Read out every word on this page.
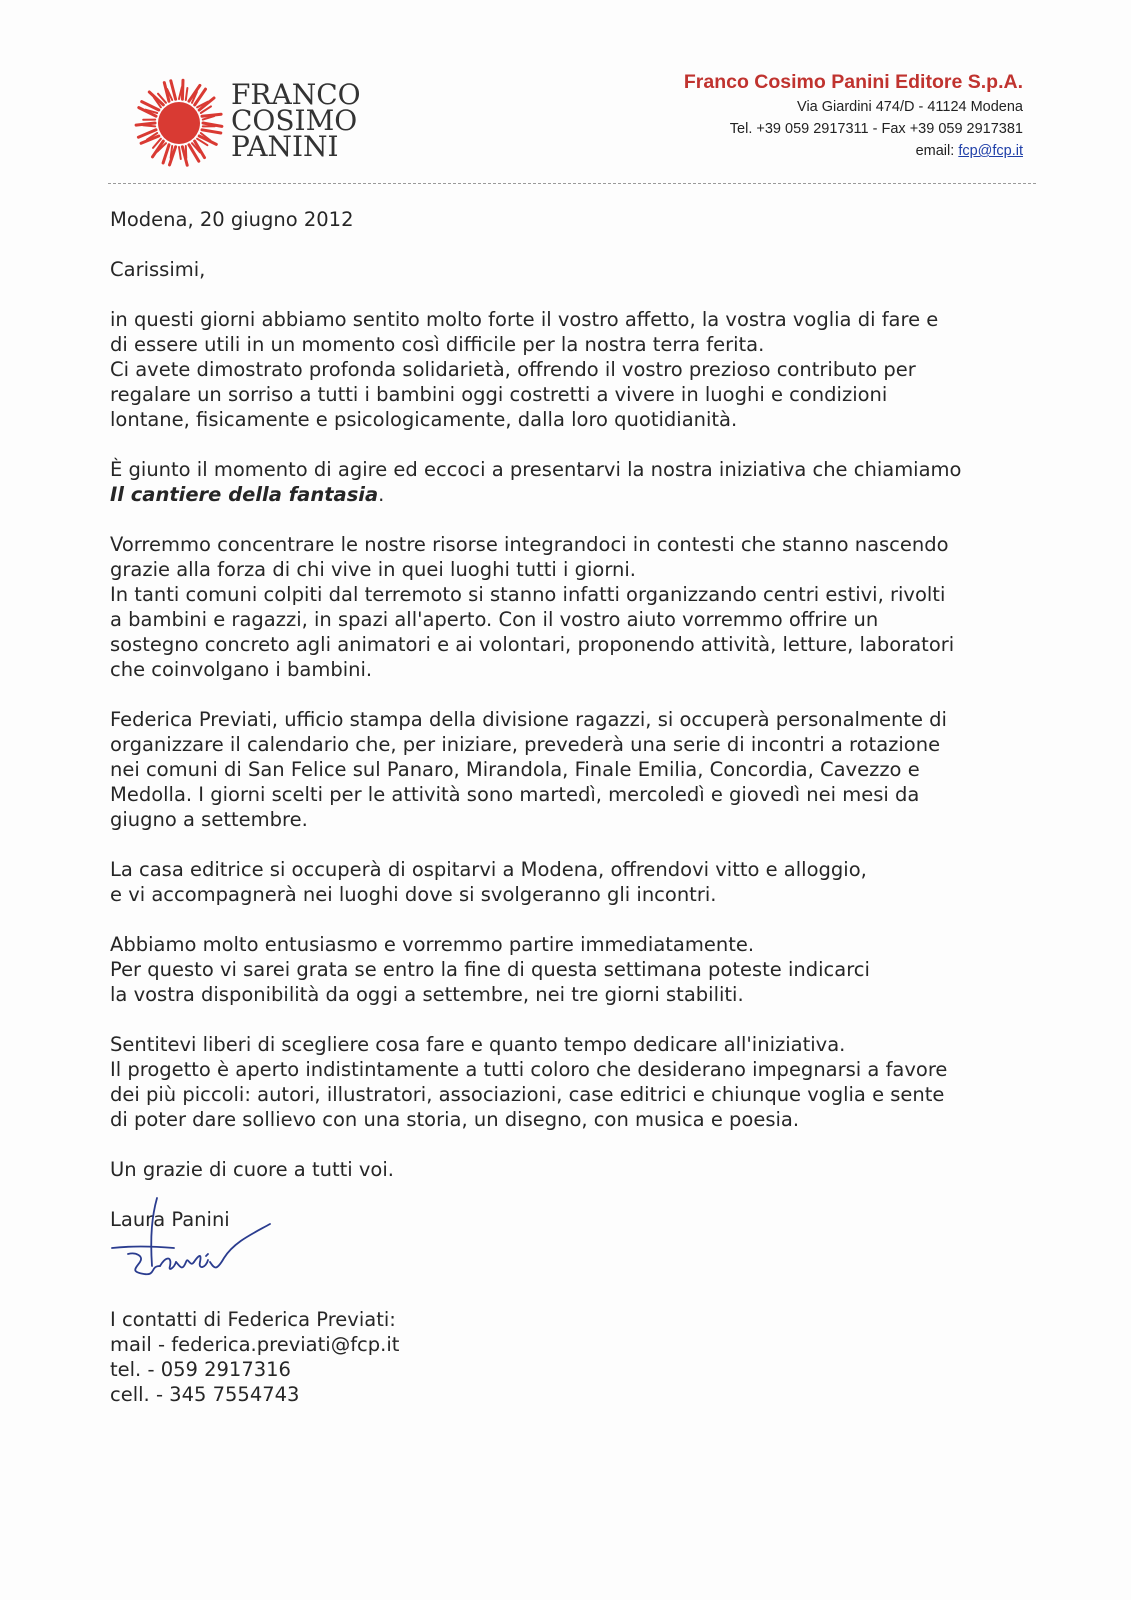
FRANCO
COSIMO
PANINI
Franco Cosimo Panini Editore S.p.A.
Via Giardini 474/D - 41124 Modena
Tel. +39 059 2917311 - Fax +39 059 2917381
email: fcp@fcp.it

Modena, 20 giugno 2012

Carissimi,

in questi giorni abbiamo sentito molto forte il vostro affetto, la vostra voglia di fare e

di essere utili in un momento così difficile per la nostra terra ferita.

Ci avete dimostrato profonda solidarietà, offrendo il vostro prezioso contributo per

regalare un sorriso a tutti i bambini oggi costretti a vivere in luoghi e condizioni

lontane, fisicamente e psicologicamente, dalla loro quotidianità.

È giunto il momento di agire ed eccoci a presentarvi la nostra iniziativa che chiamiamo

Il cantiere della fantasia.

Vorremmo concentrare le nostre risorse integrandoci in contesti che stanno nascendo

grazie alla forza di chi vive in quei luoghi tutti i giorni.

In tanti comuni colpiti dal terremoto si stanno infatti organizzando centri estivi, rivolti

a bambini e ragazzi, in spazi all'aperto. Con il vostro aiuto vorremmo offrire un

sostegno concreto agli animatori e ai volontari, proponendo attività, letture, laboratori

che coinvolgano i bambini.

Federica Previati, ufficio stampa della divisione ragazzi, si occuperà personalmente di

organizzare il calendario che, per iniziare, prevederà una serie di incontri a rotazione

nei comuni di San Felice sul Panaro, Mirandola, Finale Emilia, Concordia, Cavezzo e

Medolla. I giorni scelti per le attività sono martedì, mercoledì e giovedì nei mesi da

giugno a settembre.

La casa editrice si occuperà di ospitarvi a Modena, offrendovi vitto e alloggio,

e vi accompagnerà nei luoghi dove si svolgeranno gli incontri.

Abbiamo molto entusiasmo e vorremmo partire immediatamente.

Per questo vi sarei grata se entro la fine di questa settimana poteste indicarci

la vostra disponibilità da oggi a settembre, nei tre giorni stabiliti.

Sentitevi liberi di scegliere cosa fare e quanto tempo dedicare all'iniziativa.

Il progetto è aperto indistintamente a tutti coloro che desiderano impegnarsi a favore

dei più piccoli: autori, illustratori, associazioni, case editrici e chiunque voglia e sente

di poter dare sollievo con una storia, un disegno, con musica e poesia.

Un grazie di cuore a tutti voi.

Laura Panini
I contatti di Federica Previati:
mail - federica.previati@fcp.it
tel. - 059 2917316
cell. - 345 7554743
